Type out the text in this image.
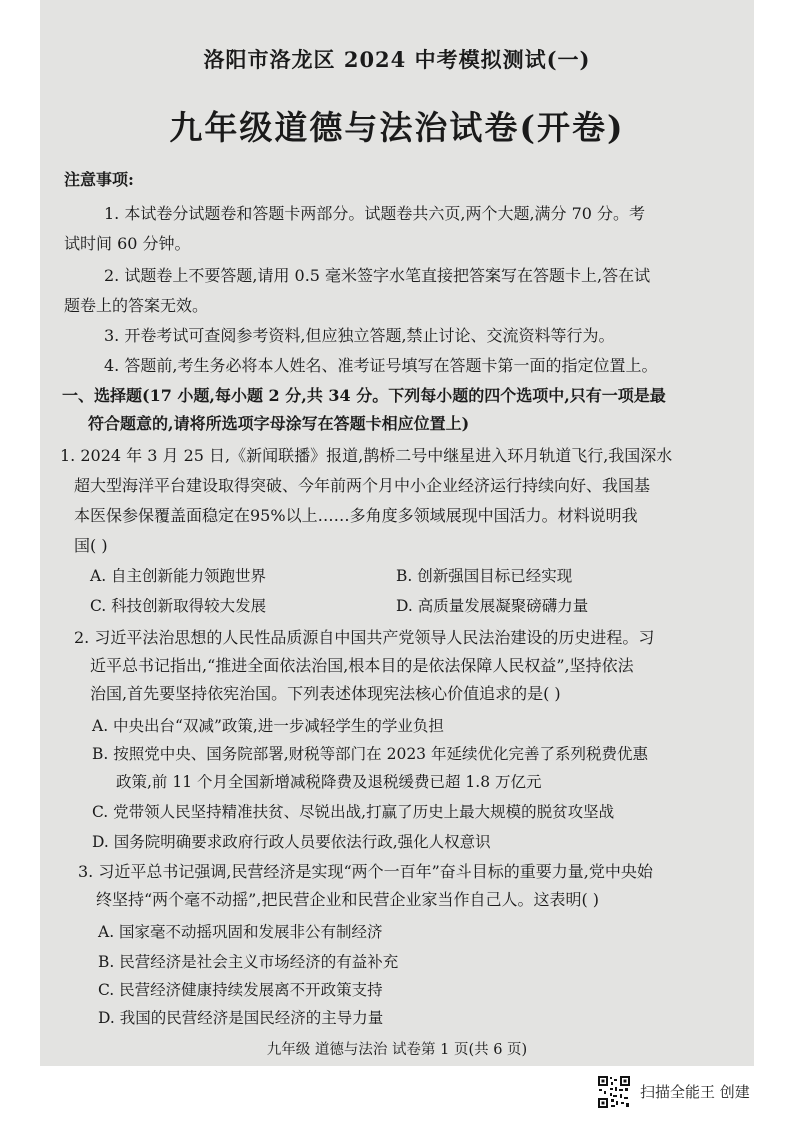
洛阳市洛龙区 2024 中考模拟测试(一)
九年级道德与法治试卷(开卷)
注意事项:
1. 本试卷分试题卷和答题卡两部分。试题卷共六页,两个大题,满分 70 分。考
试时间 60 分钟。
2. 试题卷上不要答题,请用 0.5 毫米签字水笔直接把答案写在答题卡上,答在试
题卷上的答案无效。
3. 开卷考试可查阅参考资料,但应独立答题,禁止讨论、交流资料等行为。
4. 答题前,考生务必将本人姓名、准考证号填写在答题卡第一面的指定位置上。
一、选择题(17 小题,每小题 2 分,共 34 分。下列每小题的四个选项中,只有一项是最
符合题意的,请将所选项字母涂写在答题卡相应位置上)
1. 2024 年 3 月 25 日,《新闻联播》报道,鹊桥二号中继星进入环月轨道飞行,我国深水
超大型海洋平台建设取得突破、今年前两个月中小企业经济运行持续向好、我国基
本医保参保覆盖面稳定在95%以上……多角度多领域展现中国活力。材料说明我
国( )
A. 自主创新能力领跑世界	B. 创新强国目标已经实现
C. 科技创新取得较大发展	D. 高质量发展凝聚磅礴力量
2. 习近平法治思想的人民性品质源自中国共产党领导人民法治建设的历史进程。习
近平总书记指出,“推进全面依法治国,根本目的是依法保障人民权益”,坚持依法
治国,首先要坚持依宪治国。下列表述体现宪法核心价值追求的是( )
A. 中央出台“双减”政策,进一步减轻学生的学业负担
B. 按照党中央、国务院部署,财税等部门在 2023 年延续优化完善了系列税费优惠
政策,前 11 个月全国新增减税降费及退税缓费已超 1.8 万亿元
C. 党带领人民坚持精准扶贫、尽锐出战,打赢了历史上最大规模的脱贫攻坚战
D. 国务院明确要求政府行政人员要依法行政,强化人权意识
3. 习近平总书记强调,民营经济是实现“两个一百年”奋斗目标的重要力量,党中央始
终坚持“两个毫不动摇”,把民营企业和民营企业家当作自己人。这表明( )
A. 国家毫不动摇巩固和发展非公有制经济
B. 民营经济是社会主义市场经济的有益补充
C. 民营经济健康持续发展离不开政策支持
D. 我国的民营经济是国民经济的主导力量
九年级 道德与法治 试卷第 1 页(共 6 页)
扫描全能王 创建
